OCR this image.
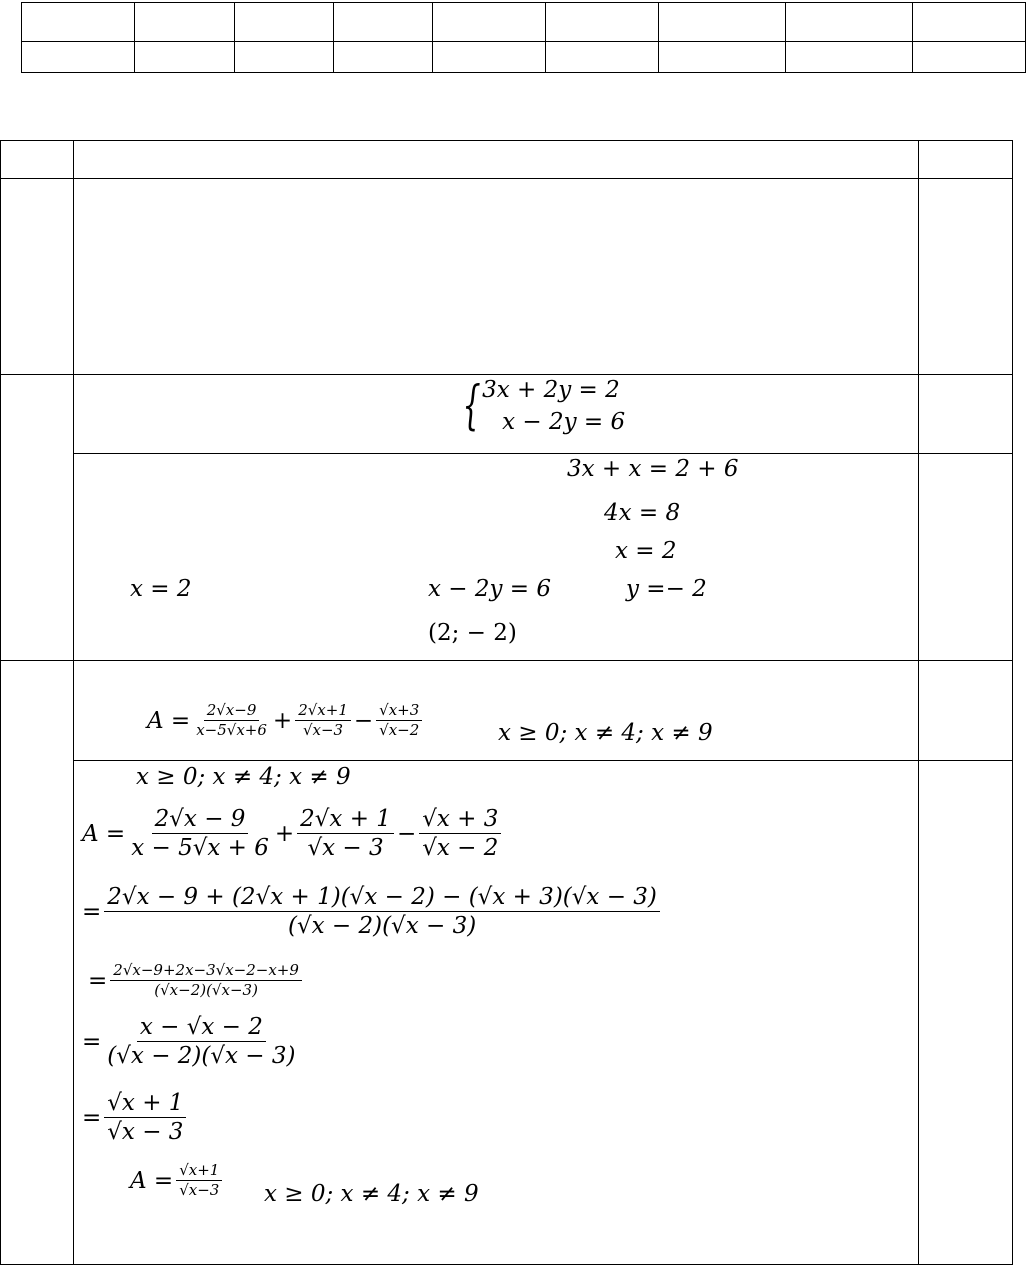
{3x + 2y = 2
x − 2y = 6
3x + x = 2 + 6
4x = 8
x = 2
x = 2	x − 2y = 6	y =− 2
(2; − 2)
$A = \frac{2√x-9}{x-5√x+6} + \frac{2√x+1}{√x-3} - \frac{√x+3}{√x-2}$	x ≥ 0; x ≠ 4; x ≠ 9
x ≥ 0; x ≠ 4; x ≠ 9
$A = \frac{2√x - 9}{x - 5√x + 6} + \frac{2√x + 1}{√x - 3} - \frac{√x + 3}{√x - 2}$
= $\frac{2√x - 9 + (2√x + 1)(√x - 2) - (√x + 3)(√x - 3)}{(√x - 2)(√x - 3)}$
= $\frac{2√x-9+2x-3√x-2-x+9}{(√x-2)(√x-3)}$
= $\frac{x - √x - 2}{(√x - 2)(√x - 3)}$
= $\frac{√x + 1}{√x - 3}$
$A = \frac{√x+1}{√x-3}$ x ≥ 0; x ≠ 4; x ≠ 9
